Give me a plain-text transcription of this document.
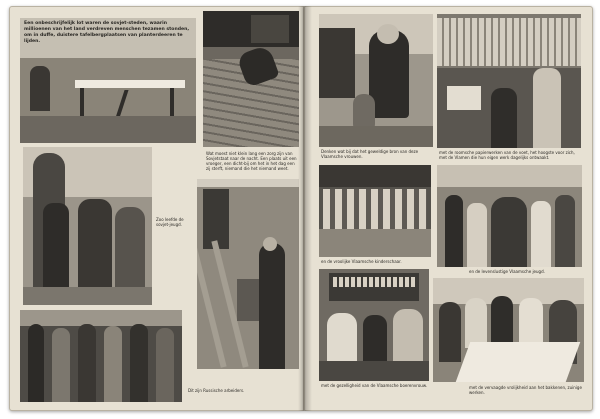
Een onbeschrijfelijk lot waren de sovjet-steden, waarin millioenen van het land verdreven menschen tezamen stonden, om in duffe, duistere tafelbergplaatsen van planterdeeren te lijden.
Wat moest niet klein lang een zorg zijn van Sovjetstaat naar de nacht. Een plaats uit een vroeger, een dicht-bij om het in het dag een zij sterft, niemand die het niemand weet.
Zoo leefde de sovjet-jeugd.
Dit zijn Russische arbeiders.
Denken wat bij dat het geweldige bron van deze Vlaamsche vrouwen.
met de roomsche papierwerken van de voet, het hoogste voor zich, met de Vlamen die hun eigen werk dagelijks ontwaakt.
en de vroolijke Vlaamsche kinderschaar.
en de levenslustige Vlaamsche jeugd.
met de gezelligheid van de Vlaamsche boerenvrouw.	met de vervaagde vrolijkheid aan het bakkenen, zuinige werken.
